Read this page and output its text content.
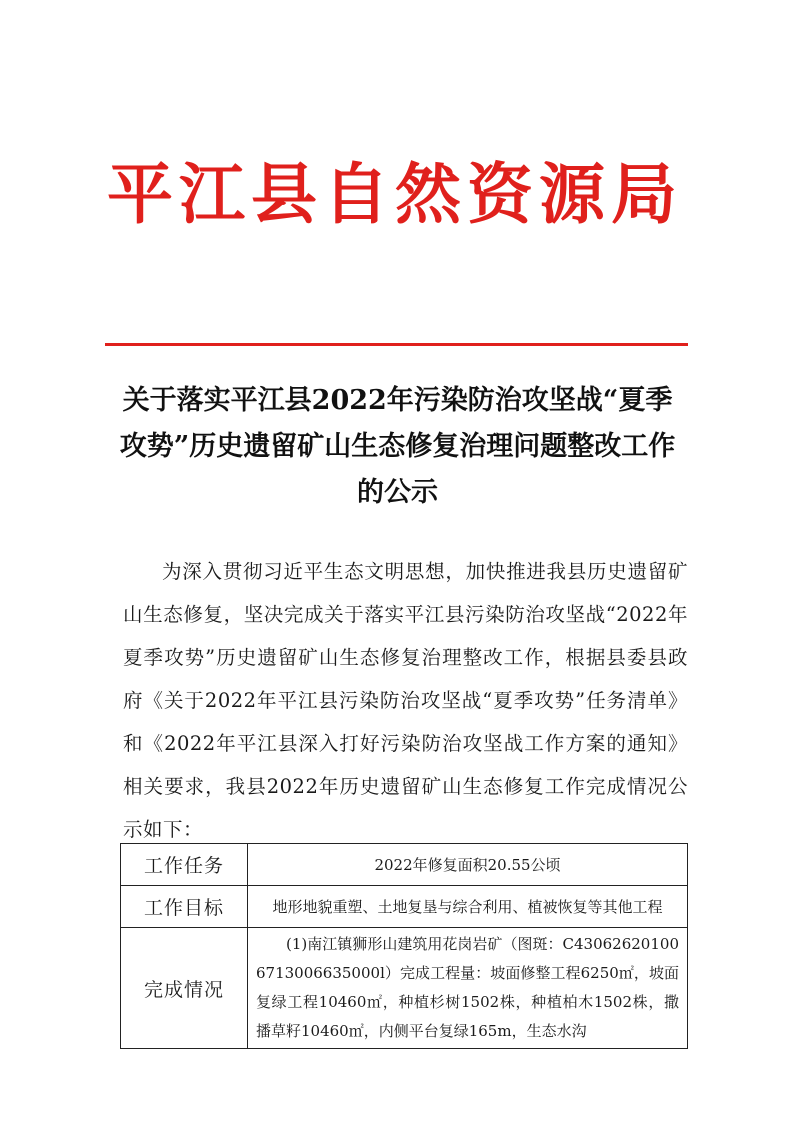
平江县自然资源局
关于落实平江县2022年污染防治攻坚战“夏季攻势”历史遗留矿山生态修复治理问题整改工作的公示
为深入贯彻习近平生态文明思想，加快推进我县历史遗留矿山生态修复，坚决完成关于落实平江县污染防治攻坚战“2022年夏季攻势”历史遗留矿山生态修复治理整改工作，根据县委县政府《关于2022年平江县污染防治攻坚战“夏季攻势”任务清单》和《2022年平江县深入打好污染防治攻坚战工作方案的通知》相关要求，我县2022年历史遗留矿山生态修复工作完成情况公示如下：
工作任务	2022年修复面积20.55公顷
工作目标	地形地貌重塑、土地复垦与综合利用、植被恢复等其他工程
完成情况	(1)南江镇狮形山建筑用花岗岩矿（图斑：C430626201006713006635000l）完成工程量：坡面修整工程6250㎡，坡面复绿工程10460㎡，种植杉树1502株，种植柏木1502株，撒播草籽10460㎡，内侧平台复绿165m，生态水沟
